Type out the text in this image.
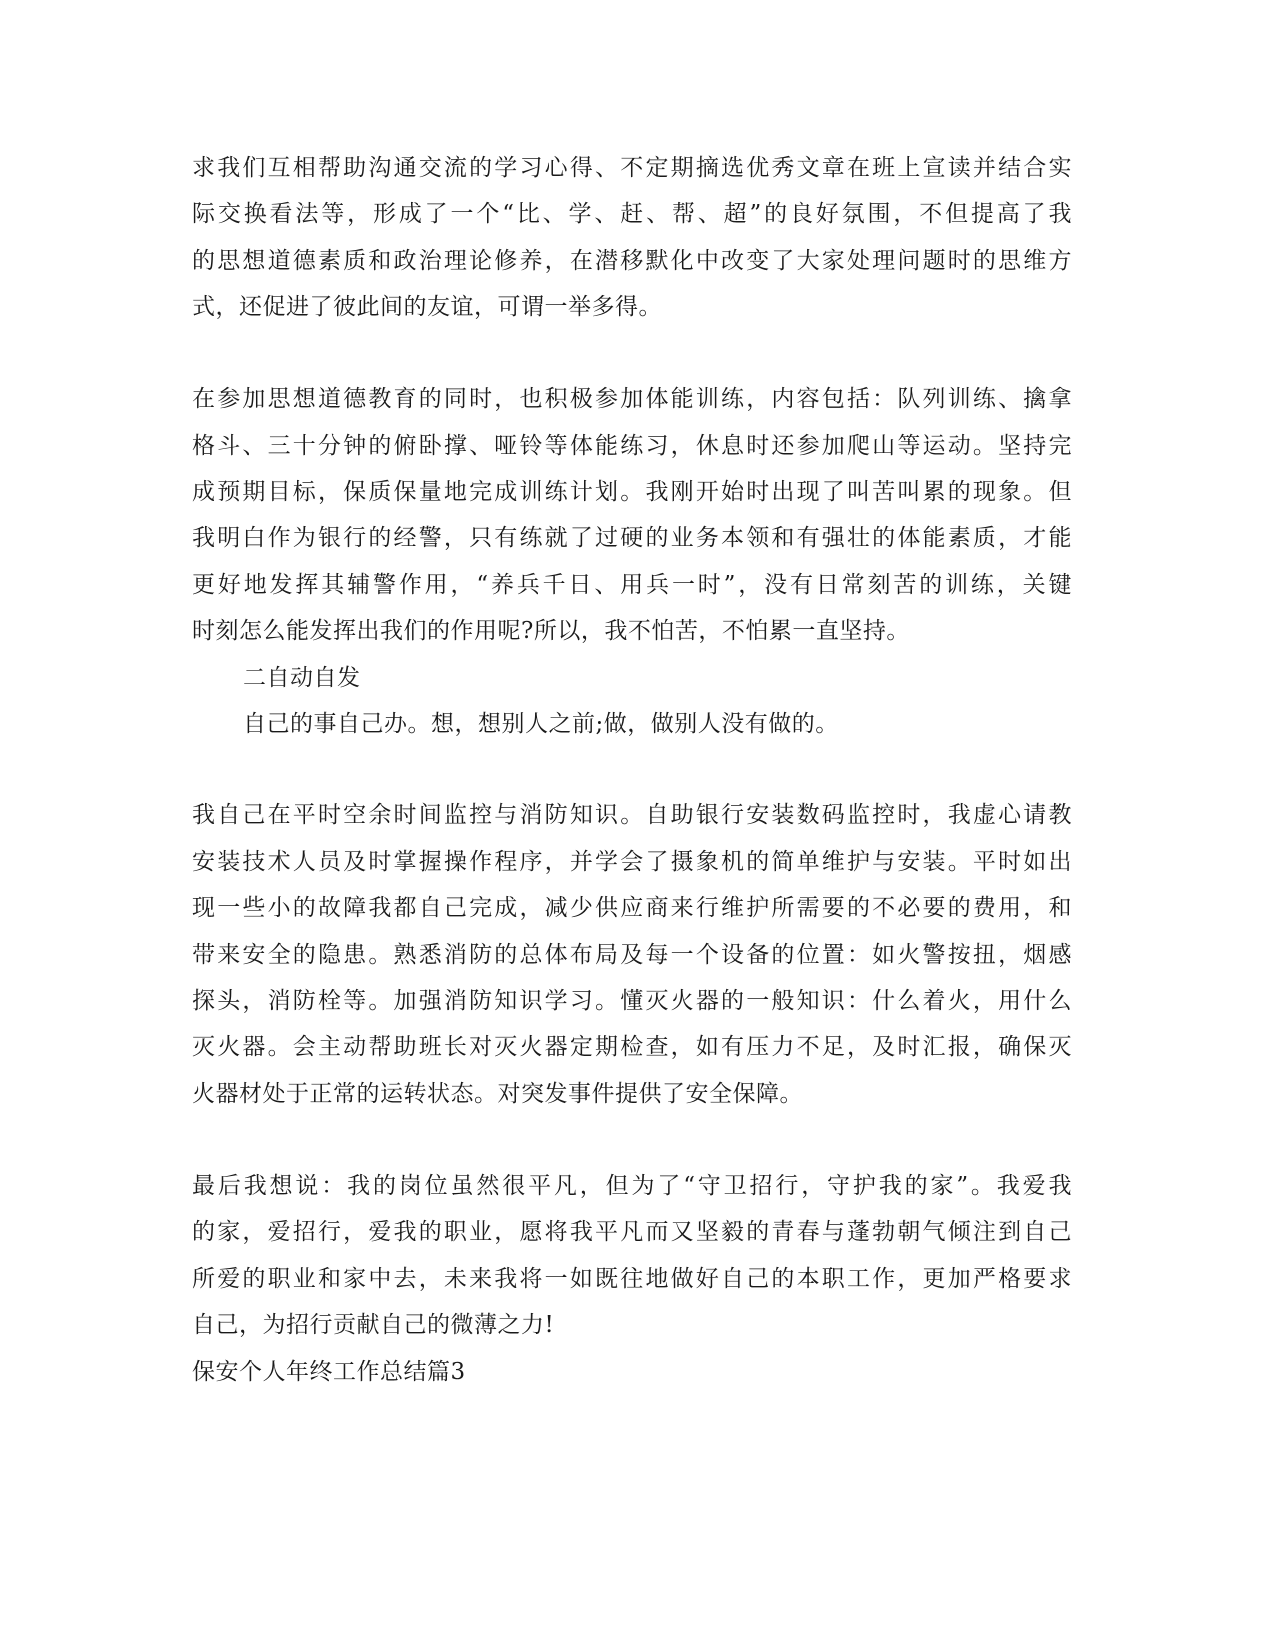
求我们互相帮助沟通交流的学习心得、不定期摘选优秀文章在班上宣读并结合实
际交换看法等，形成了一个“比、学、赶、帮、超”的良好氛围，不但提高了我
的思想道德素质和政治理论修养，在潜移默化中改变了大家处理问题时的思维方
式，还促进了彼此间的友谊，可谓一举多得。
在参加思想道德教育的同时，也积极参加体能训练，内容包括：队列训练、擒拿
格斗、三十分钟的俯卧撑、哑铃等体能练习，休息时还参加爬山等运动。坚持完
成预期目标，保质保量地完成训练计划。我刚开始时出现了叫苦叫累的现象。但
我明白作为银行的经警，只有练就了过硬的业务本领和有强壮的体能素质，才能
更好地发挥其辅警作用，“养兵千日、用兵一时”，没有日常刻苦的训练，关键
时刻怎么能发挥出我们的作用呢?所以，我不怕苦，不怕累一直坚持。
二自动自发
自己的事自己办。想，想别人之前;做，做别人没有做的。
我自己在平时空余时间监控与消防知识。自助银行安装数码监控时，我虚心请教
安装技术人员及时掌握操作程序，并学会了摄象机的简单维护与安装。平时如出
现一些小的故障我都自己完成，减少供应商来行维护所需要的不必要的费用，和
带来安全的隐患。熟悉消防的总体布局及每一个设备的位置：如火警按扭，烟感
探头，消防栓等。加强消防知识学习。懂灭火器的一般知识：什么着火，用什么
灭火器。会主动帮助班长对灭火器定期检查，如有压力不足，及时汇报，确保灭
火器材处于正常的运转状态。对突发事件提供了安全保障。
最后我想说：我的岗位虽然很平凡，但为了“守卫招行，守护我的家”。我爱我
的家，爱招行，爱我的职业，愿将我平凡而又坚毅的青春与蓬勃朝气倾注到自己
所爱的职业和家中去，未来我将一如既往地做好自己的本职工作，更加严格要求
自己，为招行贡献自己的微薄之力!
保安个人年终工作总结篇3
